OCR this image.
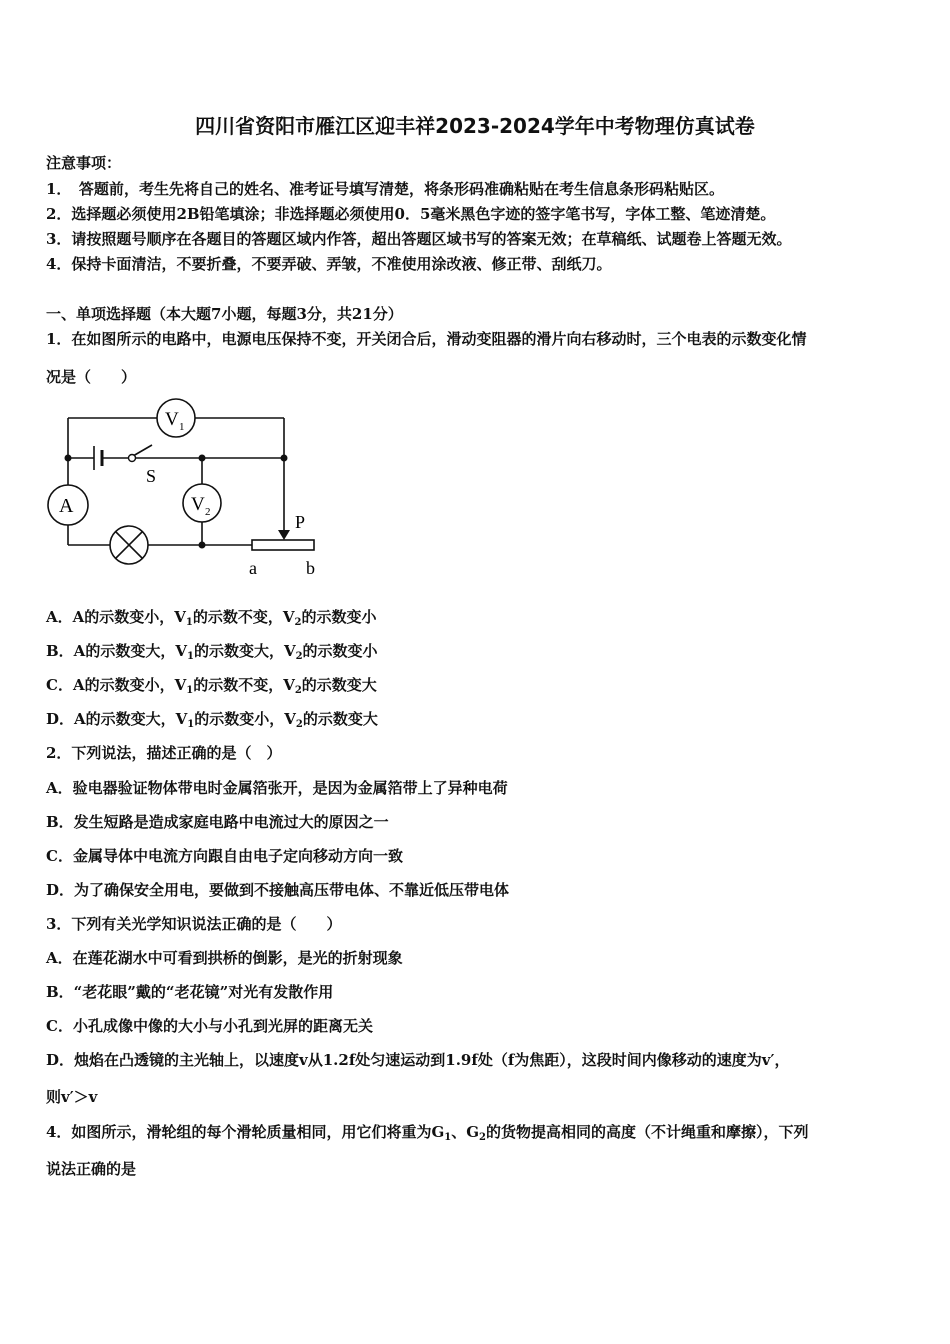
四川省资阳市雁江区迎丰祥2023-2024学年中考物理仿真试卷
注意事项：
1．　答题前，考生先将自己的姓名、准考证号填写清楚，将条形码准确粘贴在考生信息条形码粘贴区。
2．选择题必须使用2B铅笔填涂；非选择题必须使用0．5毫米黑色字迹的签字笔书写，字体工整、笔迹清楚。
3．请按照题号顺序在各题目的答题区域内作答，超出答题区域书写的答案无效；在草稿纸、试题卷上答题无效。
4．保持卡面清洁，不要折叠，不要弄破、弄皱，不准使用涂改液、修正带、刮纸刀。
一、单项选择题（本大题7小题，每题3分，共21分）
1．在如图所示的电路中，电源电压保持不变，开关闭合后，滑动变阻器的滑片向右移动时，三个电表的示数变化情
况是（　　）
V 1
V 2
A
S
P
a	b
A．A的示数变小，$V_1$的示数不变，$V_2$的示数变小
B．A的示数变大，$V_1$的示数变大，$V_2$的示数变小
C．A的示数变小，$V_1$的示数不变，$V_2$的示数变大
D．A的示数变大，$V_1$的示数变小，$V_2$的示数变大
2．下列说法，描述正确的是（　）
A．验电器验证物体带电时金属箔张开，是因为金属箔带上了异种电荷
B．发生短路是造成家庭电路中电流过大的原因之一
C．金属导体中电流方向跟自由电子定向移动方向一致
D．为了确保安全用电，要做到不接触高压带电体、不靠近低压带电体
3．下列有关光学知识说法正确的是（　　）
A．在莲花湖水中可看到拱桥的倒影，是光的折射现象
B．“老花眼”戴的“老花镜”对光有发散作用
C．小孔成像中像的大小与小孔到光屏的距离无关
D．烛焰在凸透镜的主光轴上，以速度v从1.2f处匀速运动到1.9f处（f为焦距），这段时间内像移动的速度为v′，
则v′＞v
4．如图所示，滑轮组的每个滑轮质量相同，用它们将重为$G_1$、$G_2$的货物提高相同的高度（不计绳重和摩擦），下列
说法正确的是
